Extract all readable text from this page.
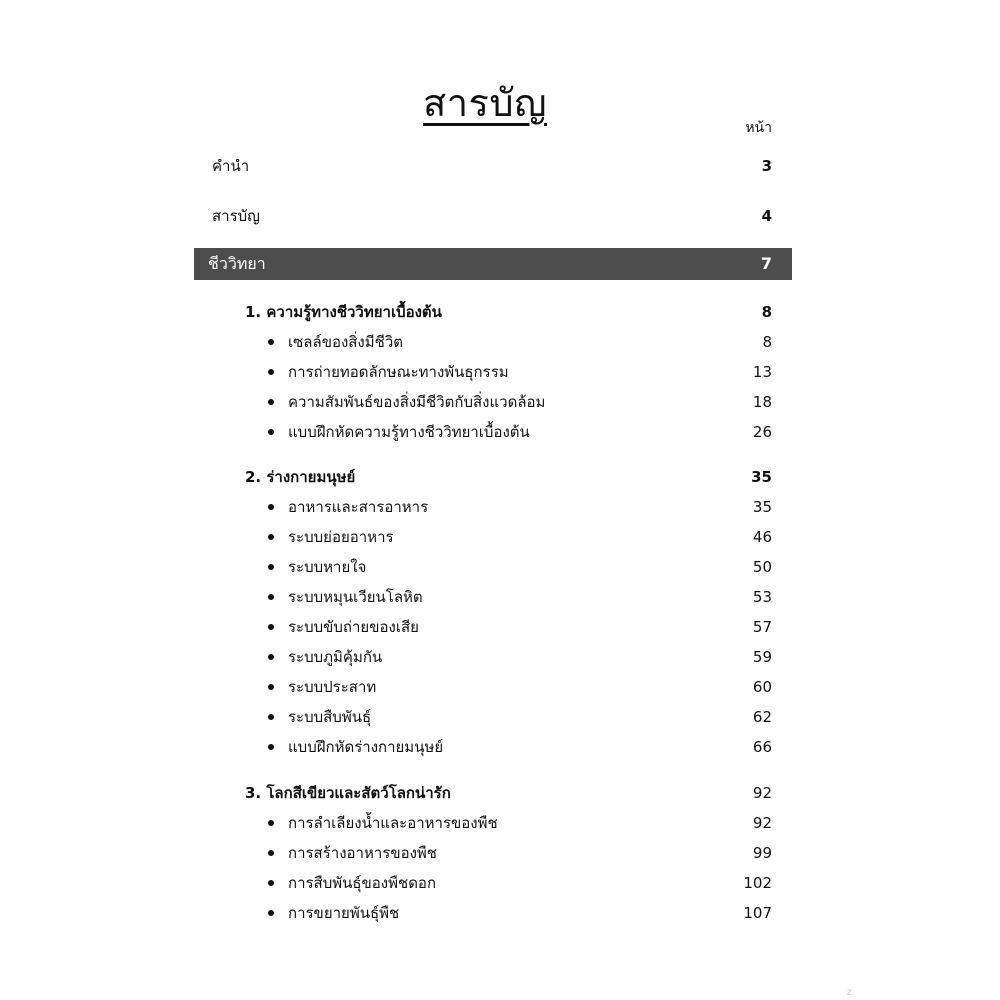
สารบัญ
หน้า
คำนำ	3
สารบัญ	4
ชีววิทยา	7
1. ความรู้ทางชีววิทยาเบื้องต้น	8
เซลล์ของสิ่งมีชีวิต	8
การถ่ายทอดลักษณะทางพันธุกรรม	13
ความสัมพันธ์ของสิ่งมีชีวิตกับสิ่งแวดล้อม	18
แบบฝึกหัดความรู้ทางชีววิทยาเบื้องต้น	26
2. ร่างกายมนุษย์	35
อาหารและสารอาหาร	35
ระบบย่อยอาหาร	46
ระบบหายใจ	50
ระบบหมุนเวียนโลหิต	53
ระบบขับถ่ายของเสีย	57
ระบบภูมิคุ้มกัน	59
ระบบประสาท	60
ระบบสืบพันธุ์	62
แบบฝึกหัดร่างกายมนุษย์	66
3. โลกสีเขียวและสัตว์โลกน่ารัก	92
การลำเลียงน้ำและอาหารของพืช	92
การสร้างอาหารของพืช	99
การสืบพันธุ์ของพืชดอก	102
การขยายพันธุ์พืช	107
z
